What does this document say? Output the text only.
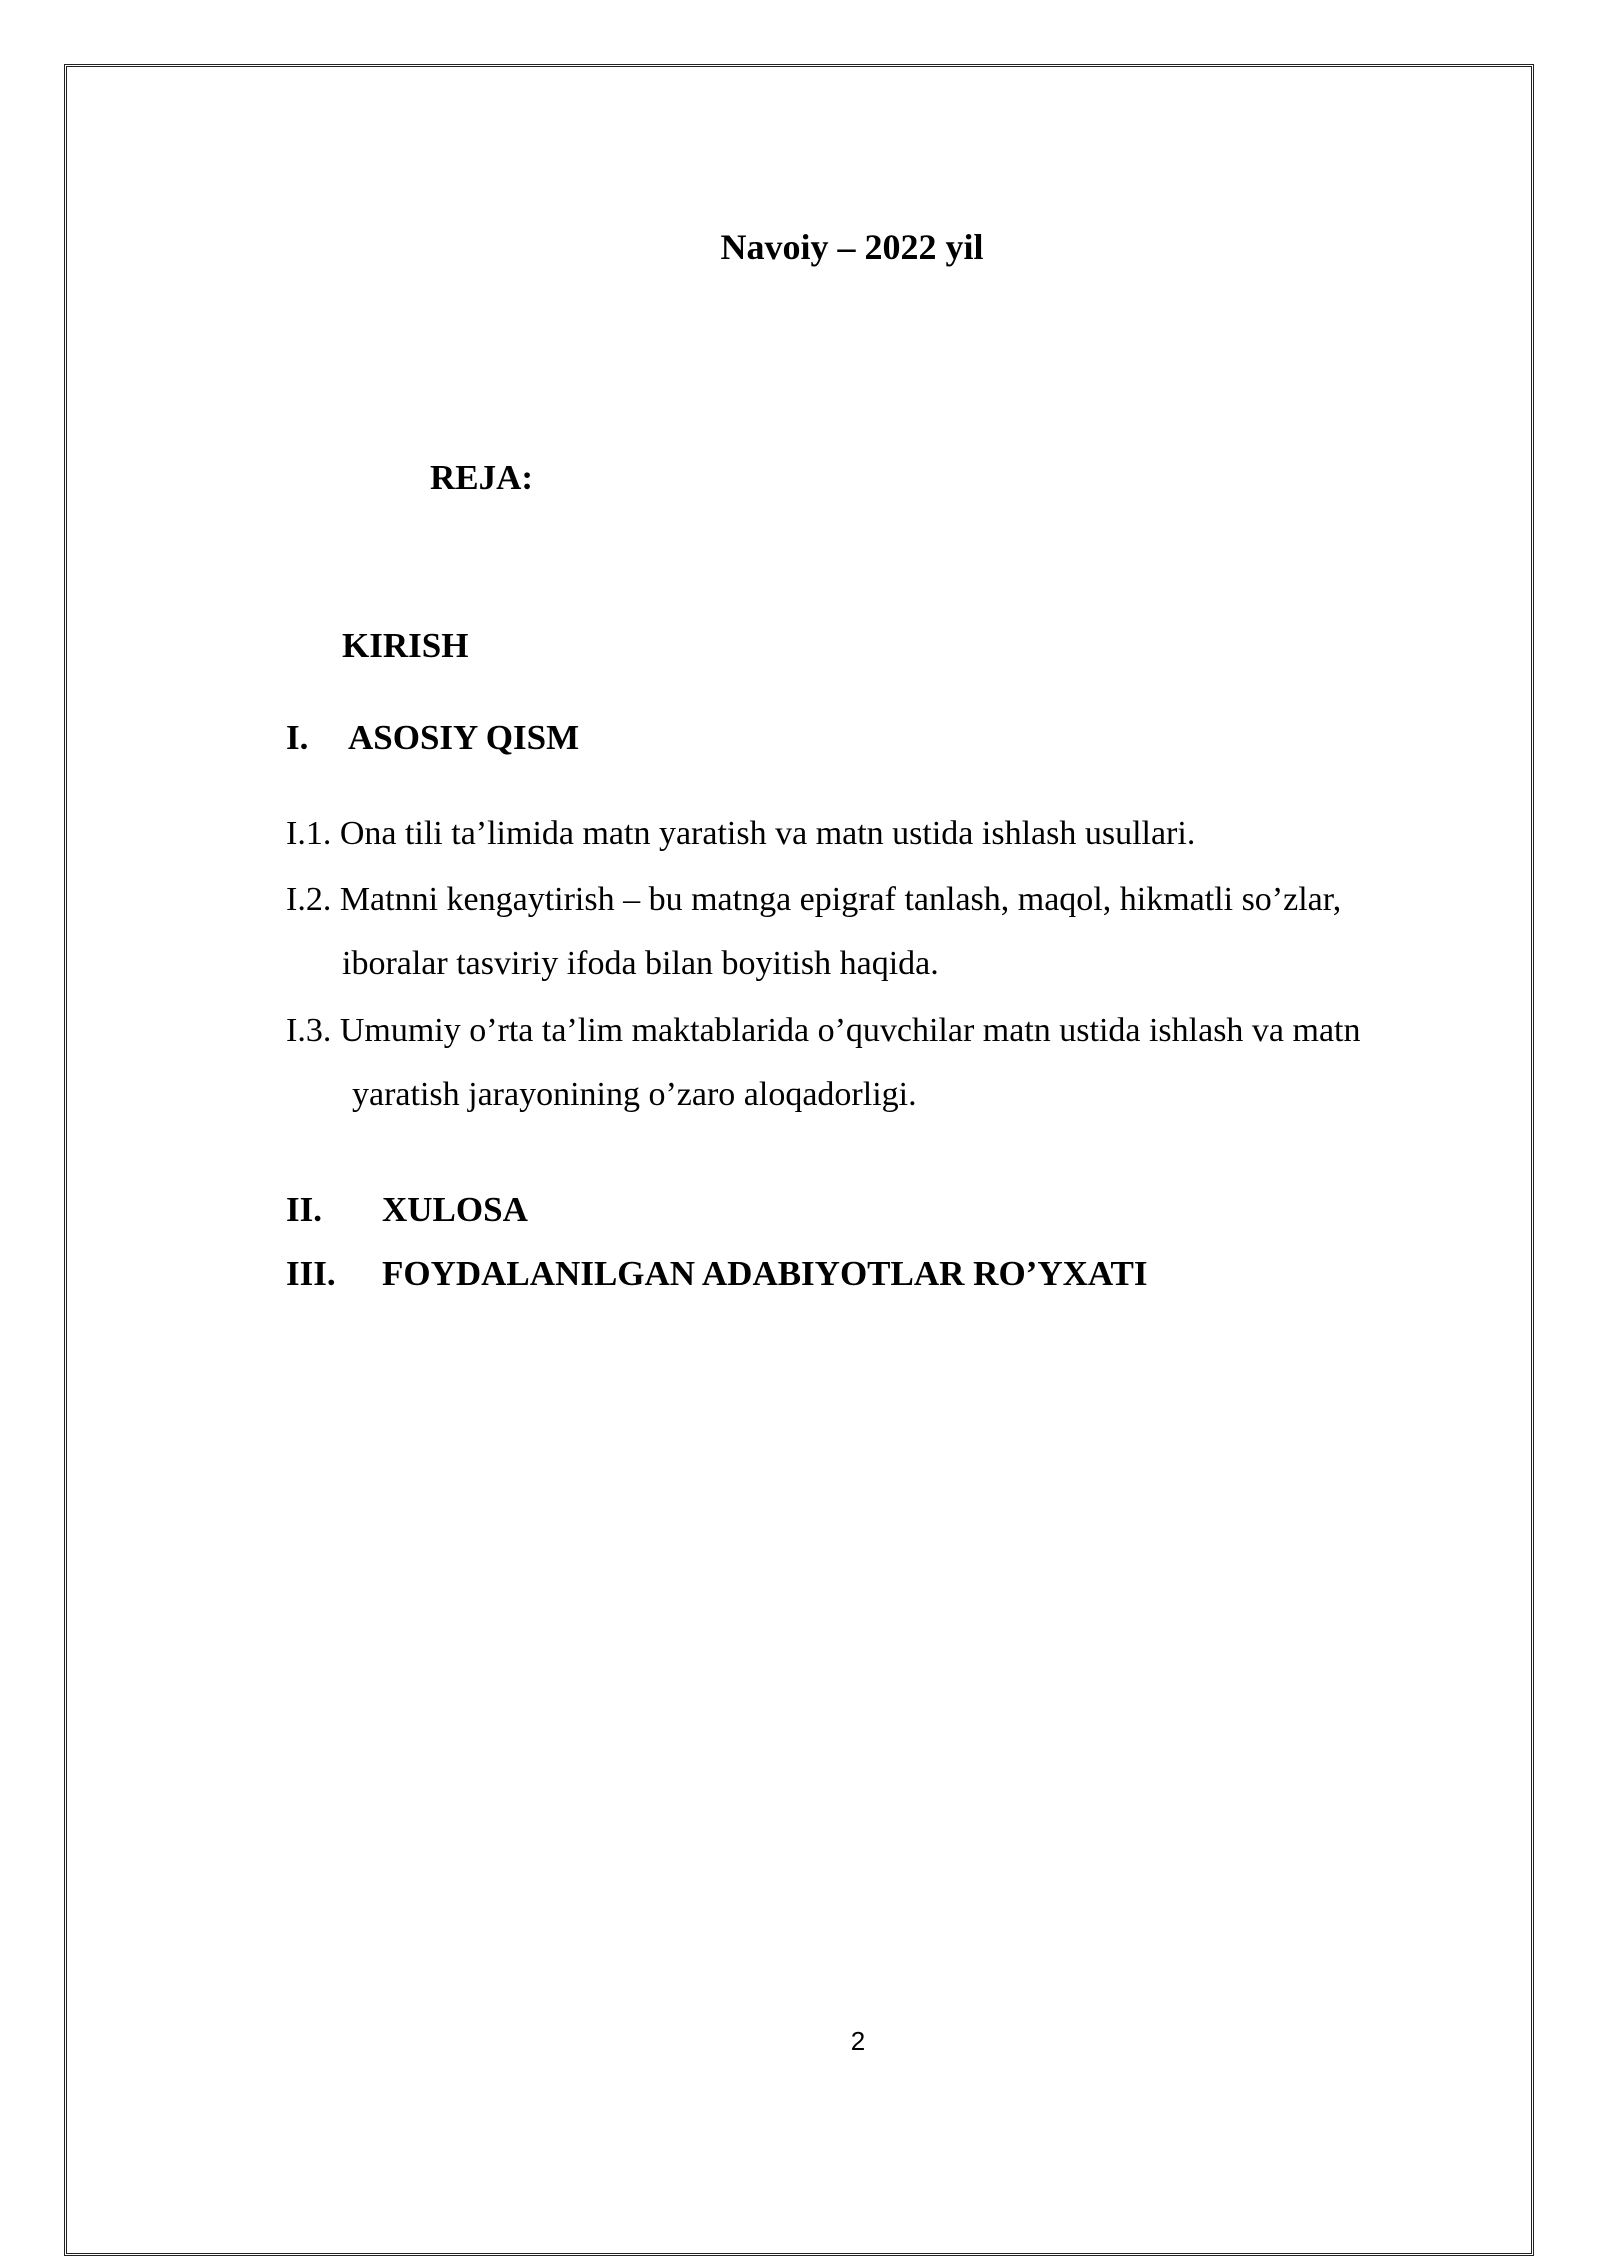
Navoiy – 2022 yil
REJA:
KIRISH
I. ASOSIY QISM
I.1. Ona tili ta’limida matn yaratish va matn ustida ishlash usullari.
I.2. Matnni kengaytirish – bu matnga epigraf tanlash, maqol, hikmatli so’zlar,
iboralar tasviriy ifoda bilan boyitish haqida.
I.3. Umumiy o’rta ta’lim maktablarida o’quvchilar matn ustida ishlash va matn
yaratish jarayonining o’zaro aloqadorligi.
II. XULOSA
III. FOYDALANILGAN ADABIYOTLAR RO’YXATI
2
